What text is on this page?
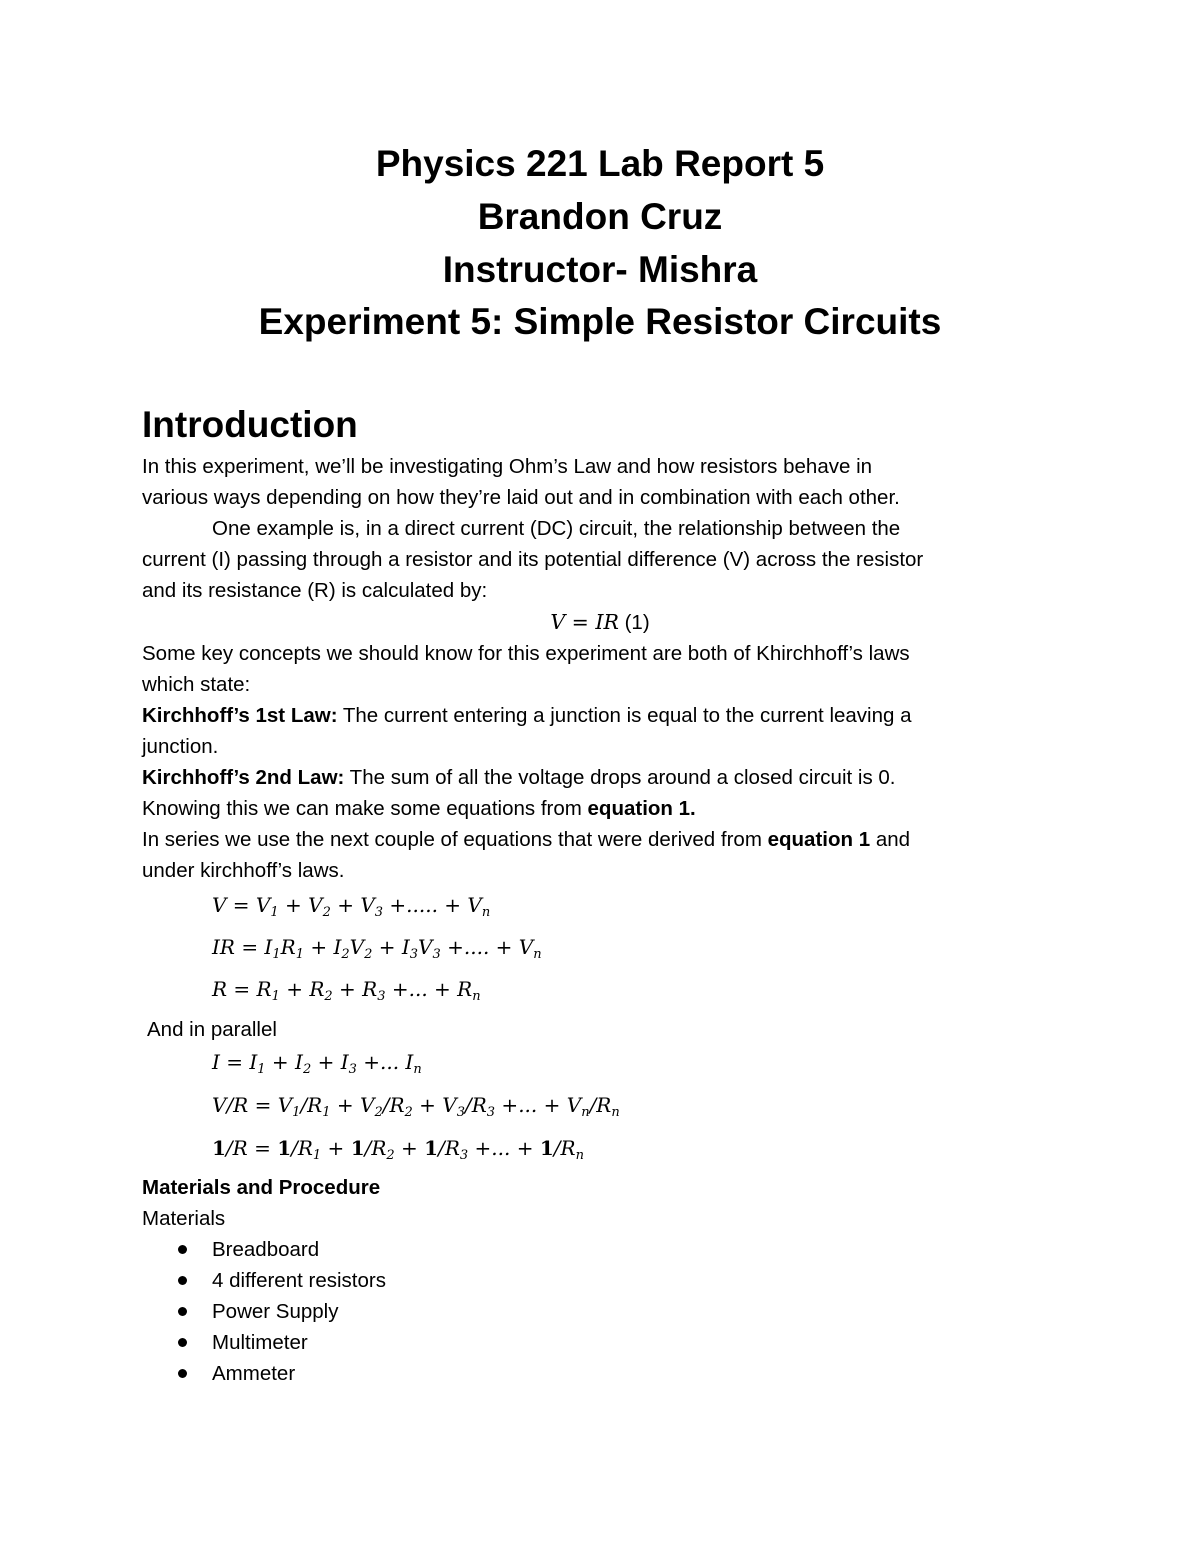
Physics 221 Lab Report 5

Brandon Cruz

Instructor- Mishra

Experiment 5: Simple Resistor Circuits

Introduction

In this experiment, we’ll be investigating Ohm’s Law and how resistors behave in

various ways depending on how they’re laid out and in combination with each other.

One example is, in a direct current (DC) circuit, the relationship between the

current (I) passing through a resistor and its potential difference (V) across the resistor

and its resistance (R) is calculated by:

V = IR (1)

Some key concepts we should know for this experiment are both of Khirchhoff’s laws

which state:

Kirchhoff’s 1st Law: The current entering a junction is equal to the current leaving a

junction.

Kirchhoff’s 2nd Law: The sum of all the voltage drops around a closed circuit is 0.

Knowing this we can make some equations from equation 1.

In series we use the next couple of equations that were derived from equation 1 and

under kirchhoff’s laws.

$V = V_1 + V_2 + V_3$ +..... + $V_n$

IR = $I_1R_1 + I_2V_2 + I_3V_3$ +.... + $V_n$

$R = R_1 + R_2 + R_3$ +... + $R_n$

And in parallel

$I = I_1 + I_2 + I_3$ +... $I_n$

$V/R = V_1/R_1 + V_2/R_2 + V_3/R_3$ +... + $V_n/R_n$

$1/R = 1/R_1 + 1/R_2 + 1/R_3$ +... + $1/R_n$

Materials and Procedure

Materials

Breadboard

4 different resistors

Power Supply

Multimeter

Ammeter
